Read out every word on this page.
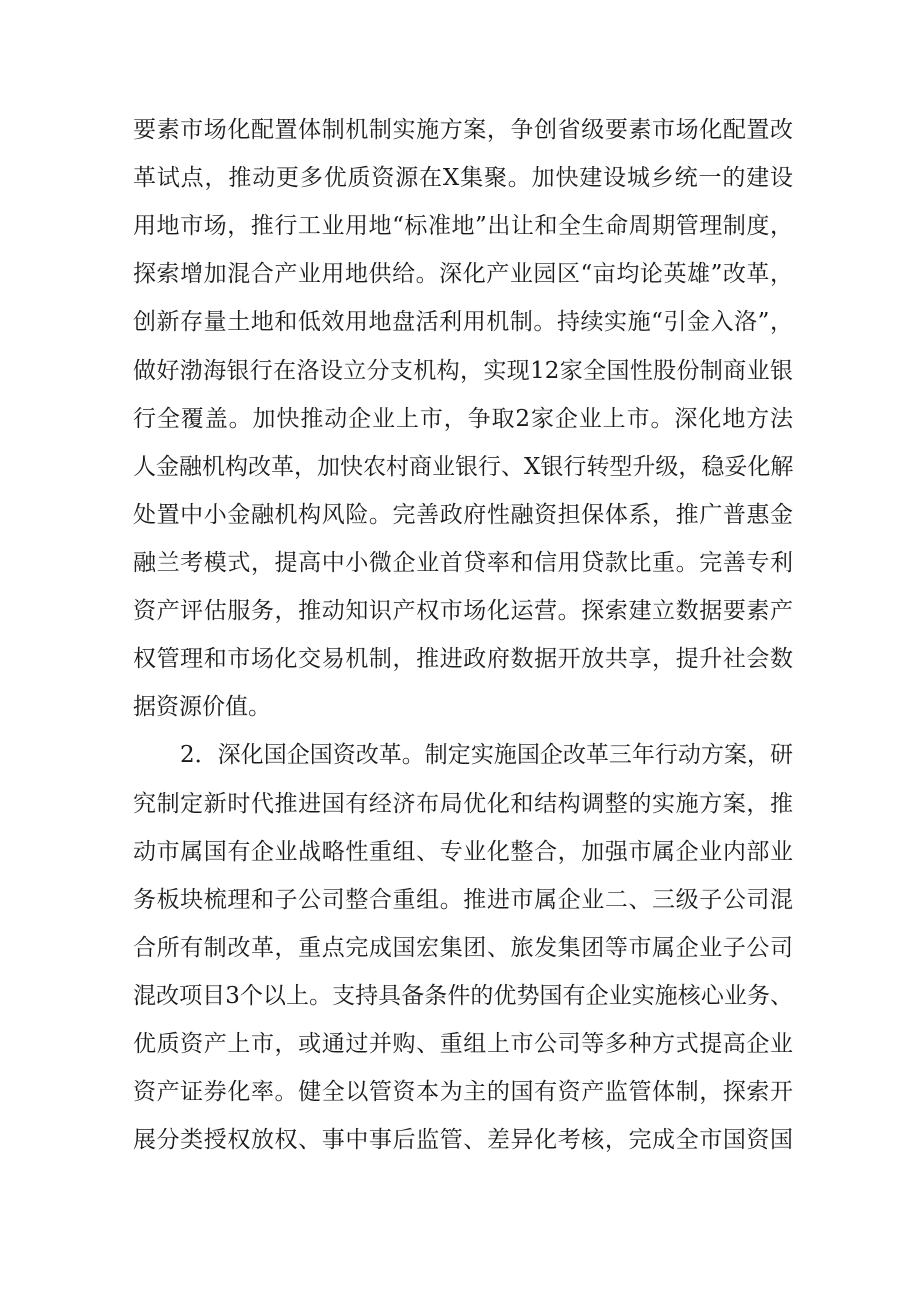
要素市场化配置体制机制实施方案，争创省级要素市场化配置改
革试点，推动更多优质资源在X集聚。加快建设城乡统一的建设
用地市场，推行工业用地“标准地”出让和全生命周期管理制度，
探索增加混合产业用地供给。深化产业园区“亩均论英雄”改革，
创新存量土地和低效用地盘活利用机制。持续实施“引金入洛”，
做好渤海银行在洛设立分支机构，实现12家全国性股份制商业银
行全覆盖。加快推动企业上市，争取2家企业上市。深化地方法
人金融机构改革，加快农村商业银行、X银行转型升级，稳妥化解
处置中小金融机构风险。完善政府性融资担保体系，推广普惠金
融兰考模式，提高中小微企业首贷率和信用贷款比重。完善专利
资产评估服务，推动知识产权市场化运营。探索建立数据要素产
权管理和市场化交易机制，推进政府数据开放共享，提升社会数
据资源价值。
2．深化国企国资改革。制定实施国企改革三年行动方案，研
究制定新时代推进国有经济布局优化和结构调整的实施方案，推
动市属国有企业战略性重组、专业化整合，加强市属企业内部业
务板块梳理和子公司整合重组。推进市属企业二、三级子公司混
合所有制改革，重点完成国宏集团、旅发集团等市属企业子公司
混改项目3个以上。支持具备条件的优势国有企业实施核心业务、
优质资产上市，或通过并购、重组上市公司等多种方式提高企业
资产证券化率。健全以管资本为主的国有资产监管体制，探索开
展分类授权放权、事中事后监管、差异化考核，完成全市国资国
